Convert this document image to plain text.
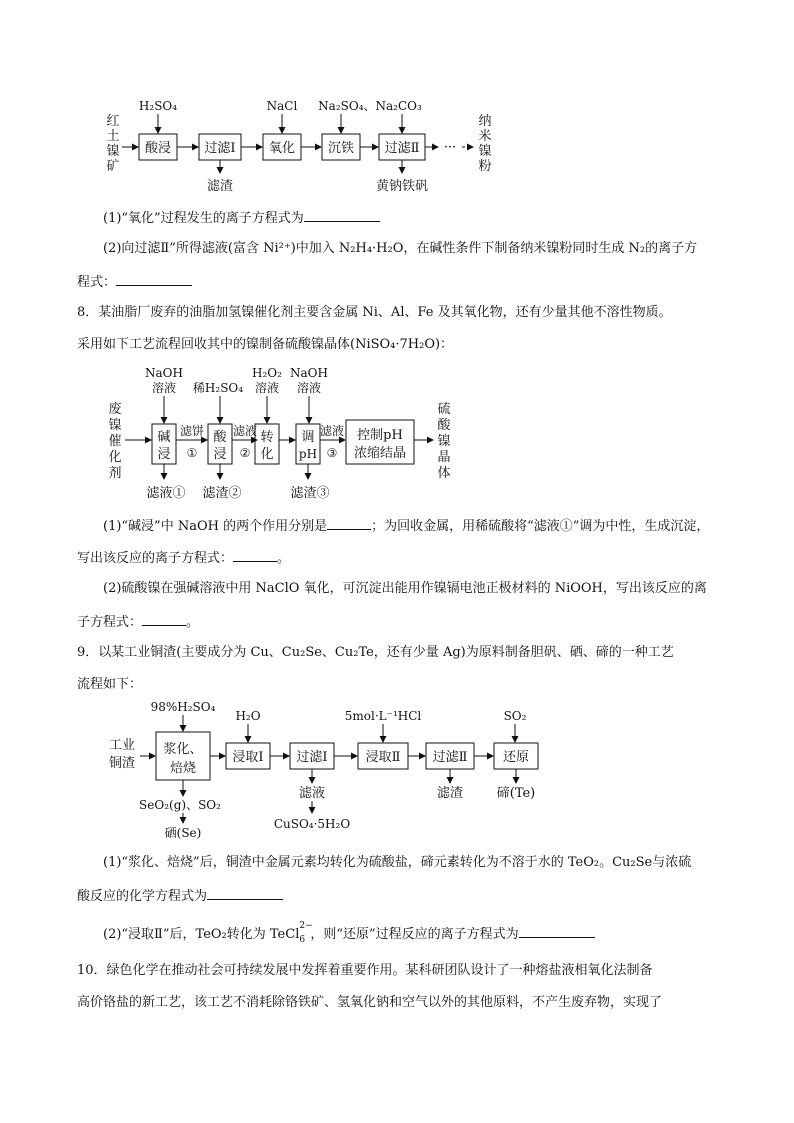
红
土
镍
矿
酸浸
H₂SO₄
过滤Ⅰ
滤渣
氧化
NaCl
沉铁
Na₂SO₄、Na₂CO₃
过滤Ⅱ
黄钠铁矾
···
纳
米
镍
粉
(1)“氧化”过程发生的离子方程式为
(2)向过滤Ⅱ”所得滤液(富含 Ni²⁺)中加入 N₂H₄·H₂O，在碱性条件下制备纳米镍粉同时生成 N₂的离子方
程式：
8．某油脂厂废弃的油脂加氢镍催化剂主要含金属 Ni、Al、Fe 及其氧化物，还有少量其他不溶性物质。
采用如下工艺流程回收其中的镍制备硫酸镍晶体(NiSO₄·7H₂O)：
废
镍
催
化
剂
NaOH
溶液
碱
浸
滤液①
滤饼
①
稀H₂SO₄
酸
浸
滤渣②
滤液
②
H₂O₂
溶液
转
化
NaOH
溶液
调
pH
滤渣③
滤液
③
控制pH
浓缩结晶
硫
酸
镍
晶
体
(1)“碱浸”中 NaOH 的两个作用分别是	；为回收金属，用稀硫酸将“滤液①”调为中性，生成沉淀，
写出该反应的离子方程式：	。
(2)硫酸镍在强碱溶液中用 NaClO 氧化，可沉淀出能用作镍镉电池正极材料的 NiOOH，写出该反应的离
子方程式：	。
9．以某工业铜渣(主要成分为 Cu、Cu₂Se、Cu₂Te，还有少量 Ag)为原料制备胆矾、硒、碲的一种工艺
流程如下：
工业
铜渣
98%H₂SO₄
浆化、
焙烧
SeO₂(g)、SO₂
硒(Se)
H₂O
浸取Ⅰ	过滤Ⅰ
滤液
CuSO₄·5H₂O
5mol·L⁻¹HCl
浸取Ⅱ 过滤Ⅱ
滤渣
SO₂
还原
碲(Te)
(1)“浆化、焙烧”后，铜渣中金属元素均转化为硫酸盐，碲元素转化为不溶于水的 TeO₂。Cu₂Se与浓硫
酸反应的化学方程式为
(2)“浸取Ⅱ”后，TeO₂转化为 TeCl
2−
6 ，则“还原”过程反应的离子方程式为
10．绿色化学在推动社会可持续发展中发挥着重要作用。某科研团队设计了一种熔盐液相氧化法制备
高价铬盐的新工艺，该工艺不消耗除铬铁矿、氢氧化钠和空气以外的其他原料，不产生废弃物，实现了
